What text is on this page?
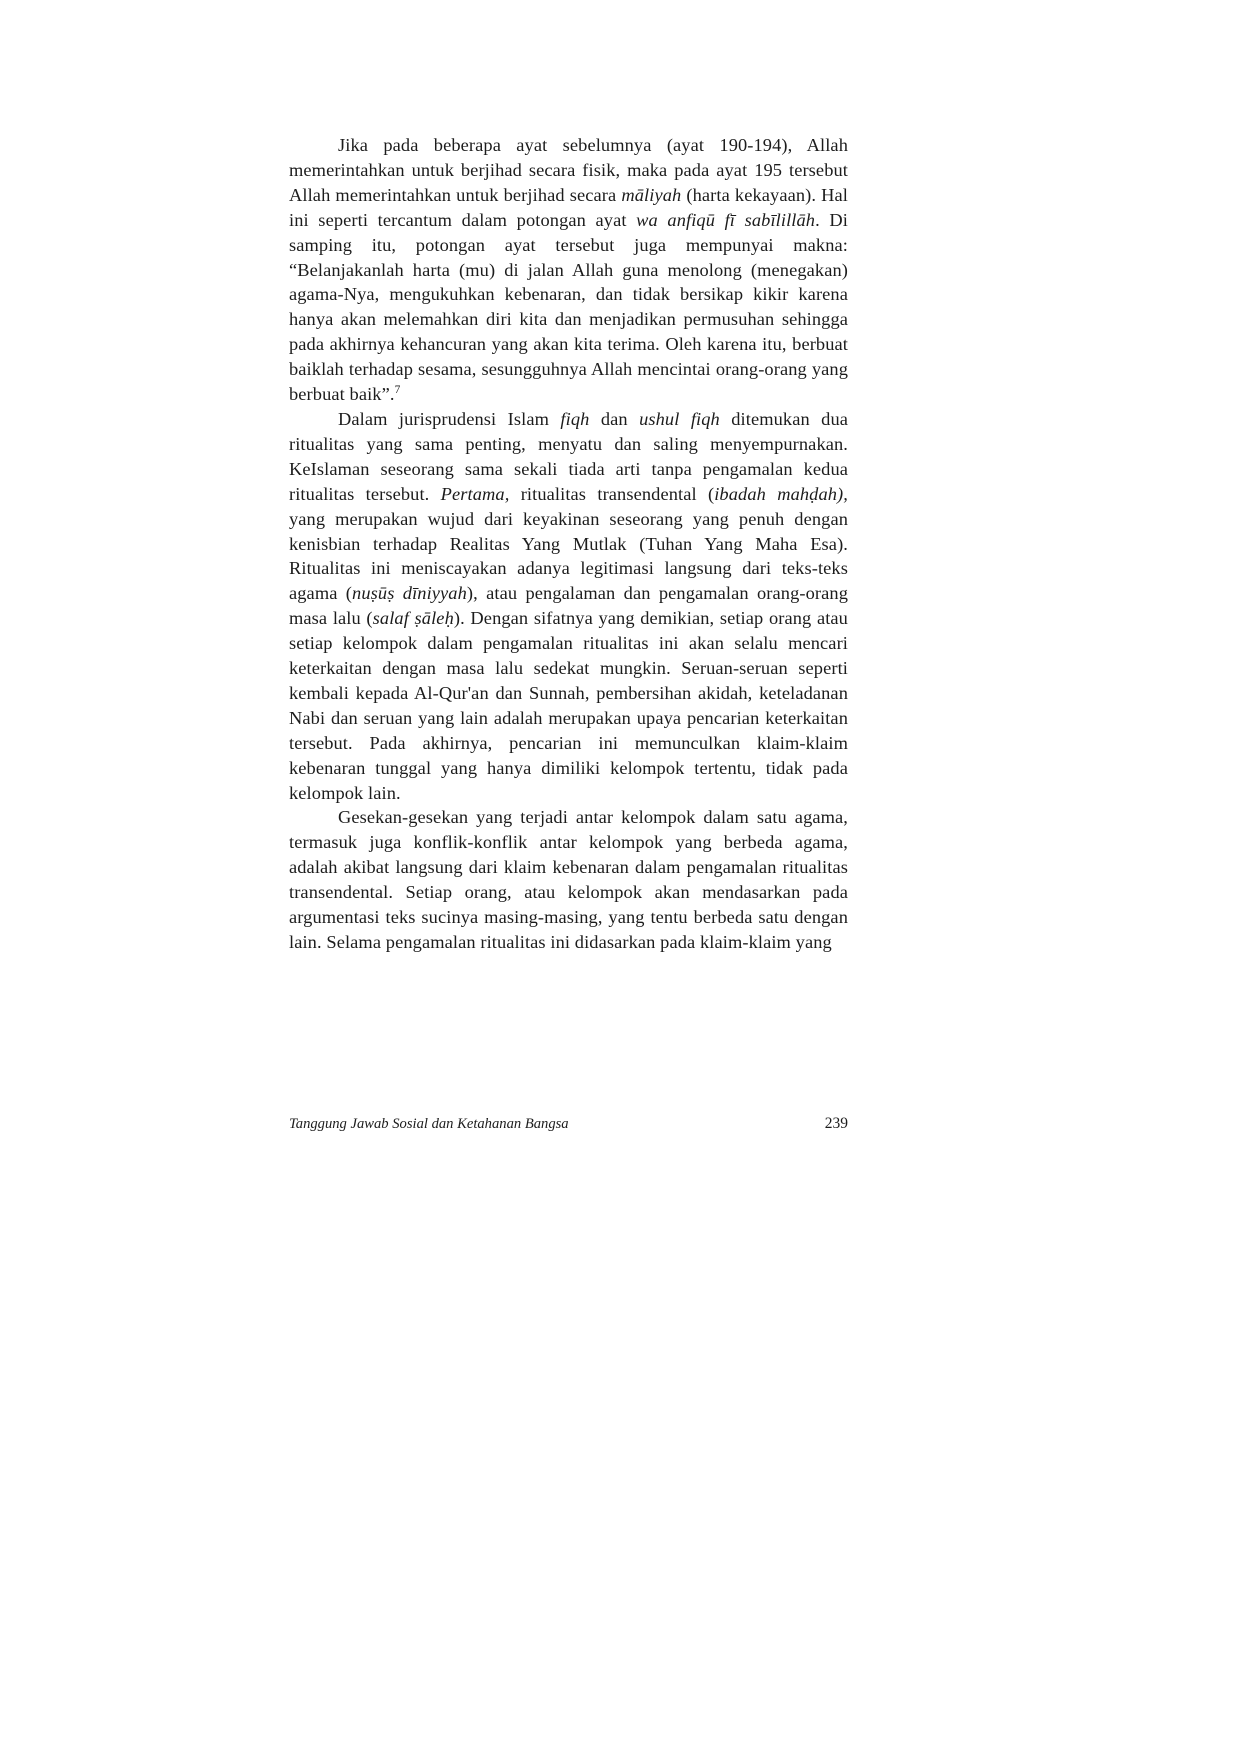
Jika pada beberapa ayat sebelumnya (ayat 190-194), Allah memerintahkan untuk berjihad secara fisik, maka pada ayat 195 tersebut Allah memerintahkan untuk berjihad secara māliyah (harta kekayaan). Hal ini seperti tercantum dalam potongan ayat wa anfiqū fī sabīlillāh. Di samping itu, potongan ayat tersebut juga mempunyai makna: “Belanjakanlah harta (mu) di jalan Allah guna menolong (menegakan) agama-Nya, mengukuhkan kebenaran, dan tidak bersikap kikir karena hanya akan melemahkan diri kita dan menjadikan permusuhan sehingga pada akhirnya kehancuran yang akan kita terima. Oleh karena itu, berbuat baiklah terhadap sesama, sesungguhnya Allah mencintai orang-orang yang berbuat baik”.$^7$

Dalam jurisprudensi Islam fiqh dan ushul fiqh ditemukan dua ritualitas yang sama penting, menyatu dan saling menyempurnakan. KeIslaman seseorang sama sekali tiada arti tanpa pengamalan kedua ritualitas tersebut. Pertama, ritualitas transendental (ibadah mahḍah), yang merupakan wujud dari keyakinan seseorang yang penuh dengan kenisbian terhadap Realitas Yang Mutlak (Tuhan Yang Maha Esa). Ritualitas ini meniscayakan adanya legitimasi langsung dari teks-teks agama (nuṣūṣ dīniyyah), atau pengalaman dan pengamalan orang-orang masa lalu (salaf ṣāleḥ). Dengan sifatnya yang demikian, setiap orang atau setiap kelompok dalam pengamalan ritualitas ini akan selalu mencari keterkaitan dengan masa lalu sedekat mungkin. Seruan-seruan seperti kembali kepada Al-Qur'an dan Sunnah, pembersihan akidah, keteladanan Nabi dan seruan yang lain adalah merupakan upaya pencarian keterkaitan tersebut. Pada akhirnya, pencarian ini memunculkan klaim-klaim kebenaran tunggal yang hanya dimiliki kelompok tertentu, tidak pada kelompok lain.

Gesekan-gesekan yang terjadi antar kelompok dalam satu agama, termasuk juga konflik-konflik antar kelompok yang berbeda agama, adalah akibat langsung dari klaim kebenaran dalam pengamalan ritualitas transendental. Setiap orang, atau kelompok akan mendasarkan pada argumentasi teks sucinya masing-masing, yang tentu berbeda satu dengan lain. Selama pengamalan ritualitas ini didasarkan pada klaim-klaim yang

Tanggung Jawab Sosial dan Ketahanan Bangsa	239
